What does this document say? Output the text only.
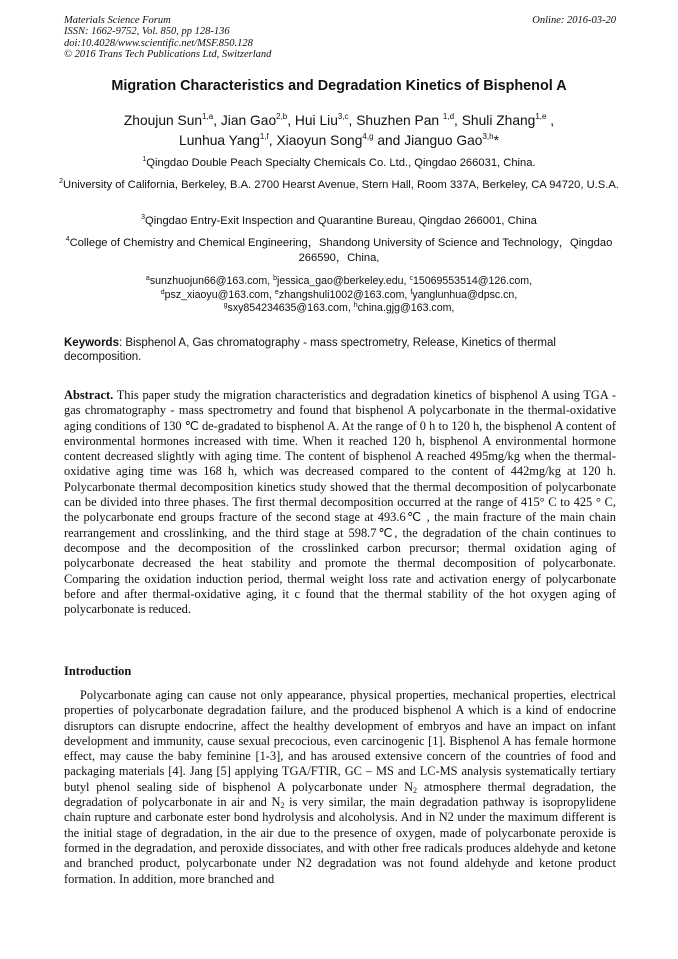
Materials Science Forum
ISSN: 1662-9752, Vol. 850, pp 128-136
doi:10.4028/www.scientific.net/MSF.850.128
© 2016 Trans Tech Publications Ltd, Switzerland
Online: 2016-03-20
Migration Characteristics and Degradation Kinetics of Bisphenol A
Zhoujun Sun$^{1,a}$, Jian Gao$^{2,b}$, Hui Liu$^{3,c}$, Shuzhen Pan $^{1,d}$, Shuli Zhang$^{1,e}$ ,
Lunhua Yang$^{1,f}$, Xiaoyun Song$^{4,g}$ and Jianguo Gao$^{3,h}$*
$^1$Qingdao Double Peach Specialty Chemicals Co. Ltd., Qingdao 266031, China.
$^2$University of California, Berkeley, B.A. 2700 Hearst Avenue, Stern Hall, Room 337A, Berkeley, CA 94720, U.S.A.
$^3$Qingdao Entry-Exit Inspection and Quarantine Bureau, Qingdao 266001, China
$^4$College of Chemistry and Chemical Engineering，Shandong University of Science and Technology，Qingdao 266590，China,
$^a$sunzhuojun66@163.com, $^b$jessica_gao@berkeley.edu, $^c$15069553514@126.com,
$^d$psz_xiaoyu@163.com, $^e$zhangshuli1002@163.com, $^f$yanglunhua@dpsc.cn,
$^g$sxy854234635@163.com, $^h$china.gjg@163.com,
Keywords: Bisphenol A, Gas chromatography - mass spectrometry, Release, Kinetics of thermal decomposition.
Abstract. This paper study the migration characteristics and degradation kinetics of bisphenol A using TGA - gas chromatography - mass spectrometry and found that bisphenol A polycarbonate in the thermal-oxidative aging conditions of 130 ℃ de-gradated to bisphenol A. At the range of 0 h to 120 h, the bisphenol A content of environmental hormones increased with time. When it reached 120 h, bisphenol A environmental hormone content decreased slightly with aging time. The content of bisphenol A reached 495mg/kg when the thermal-oxidative aging time was 168 h, which was decreased compared to the content of 442mg/kg at 120 h. Polycarbonate thermal decomposition kinetics study showed that the thermal decomposition of polycarbonate can be divided into three phases. The first thermal decomposition occurred at the range of 415° C to 425 ° C, the polycarbonate end groups fracture of the second stage at 493.6℃ , the main fracture of the main chain rearrangement and crosslinking, and the third stage at 598.7℃, the degradation of the chain continues to decompose and the decomposition of the crosslinked carbon precursor; thermal oxidation aging of polycarbonate decreased the heat stability and promote the thermal decomposition of polycarbonate. Comparing the oxidation induction period, thermal weight loss rate and activation energy of polycarbonate before and after thermal-oxidative aging, it c found that the thermal stability of the hot oxygen aging of polycarbonate is reduced.
Introduction
Polycarbonate aging can cause not only appearance, physical properties, mechanical properties, electrical properties of polycarbonate degradation failure, and the produced bisphenol A which is a kind of endocrine disruptors can disrupte endocrine, affect the healthy development of embryos and have an impact on infant development and immunity, cause sexual precocious, even carcinogenic [1]. Bisphenol A has female hormone effect, may cause the baby feminine [1-3], and has aroused extensive concern of the countries of food and packaging materials [4]. Jang [5] applying TGA/FTIR, GC – MS and LC-MS analysis systematically tertiary butyl phenol sealing side of bisphenol A polycarbonate under $N_2$ atmosphere thermal degradation, the degradation of polycarbonate in air and $N_2$ is very similar, the main degradation pathway is isopropylidene chain rupture and carbonate ester bond hydrolysis and alcoholysis. And in N2 under the maximum different is the initial stage of degradation, in the air due to the presence of oxygen, made of polycarbonate peroxide is formed in the degradation, and peroxide dissociates, and with other free radicals produces aldehyde and ketone and branched product, polycarbonate under N2 degradation was not found aldehyde and ketone product formation. In addition, more branched and
